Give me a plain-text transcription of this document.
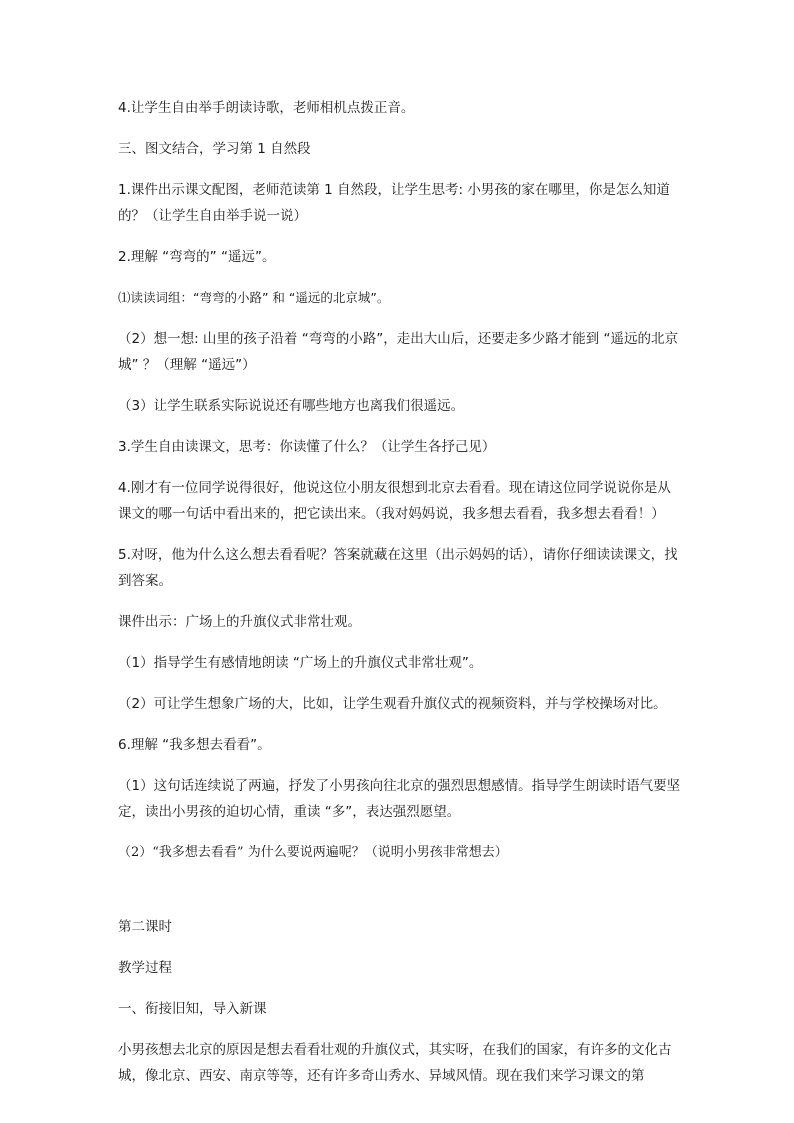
4.让学生自由举手朗读诗歌，老师相机点拨正音。

三、图文结合，学习第 1 自然段

1.课件出示课文配图，老师范读第 1 自然段，让学生思考: 小男孩的家在哪里，你是怎么知道的？（让学生自由举手说一说）

2.理解 “弯弯的” “遥远”。

⑴读读词组：“弯弯的小路” 和 “遥远的北京城”。

（2）想一想: 山里的孩子沿着 “弯弯的小路”，走出大山后，还要走多少路才能到 “遥远的北京城” ？（理解 “遥远”）

（3）让学生联系实际说说还有哪些地方也离我们很遥远。

3.学生自由读课文，思考：你读懂了什么？（让学生各抒己见）

4.刚才有一位同学说得很好，他说这位小朋友很想到北京去看看。现在请这位同学说说你是从课文的哪一句话中看出来的，把它读出来。（我对妈妈说，我多想去看看，我多想去看看！）

5.对呀，他为什么这么想去看看呢？答案就藏在这里（出示妈妈的话），请你仔细读读课文，找到答案。

课件出示：广场上的升旗仪式非常壮观。

（1）指导学生有感情地朗读 “广场上的升旗仪式非常壮观”。

（2）可让学生想象广场的大，比如，让学生观看升旗仪式的视频资料，并与学校操场对比。

6.理解 “我多想去看看”。

（1）这句话连续说了两遍，抒发了小男孩向往北京的强烈思想感情。指导学生朗读时语气要坚定，读出小男孩的迫切心情，重读 “多”，表达强烈愿望。

（2）“我多想去看看” 为什么要说两遍呢？（说明小男孩非常想去）

第二课时

教学过程

一、衔接旧知，导入新课

小男孩想去北京的原因是想去看看壮观的升旗仪式，其实呀，在我们的国家，有许多的文化古城，像北京、西安、南京等等，还有许多奇山秀水、异域风情。现在我们来学习课文的第
